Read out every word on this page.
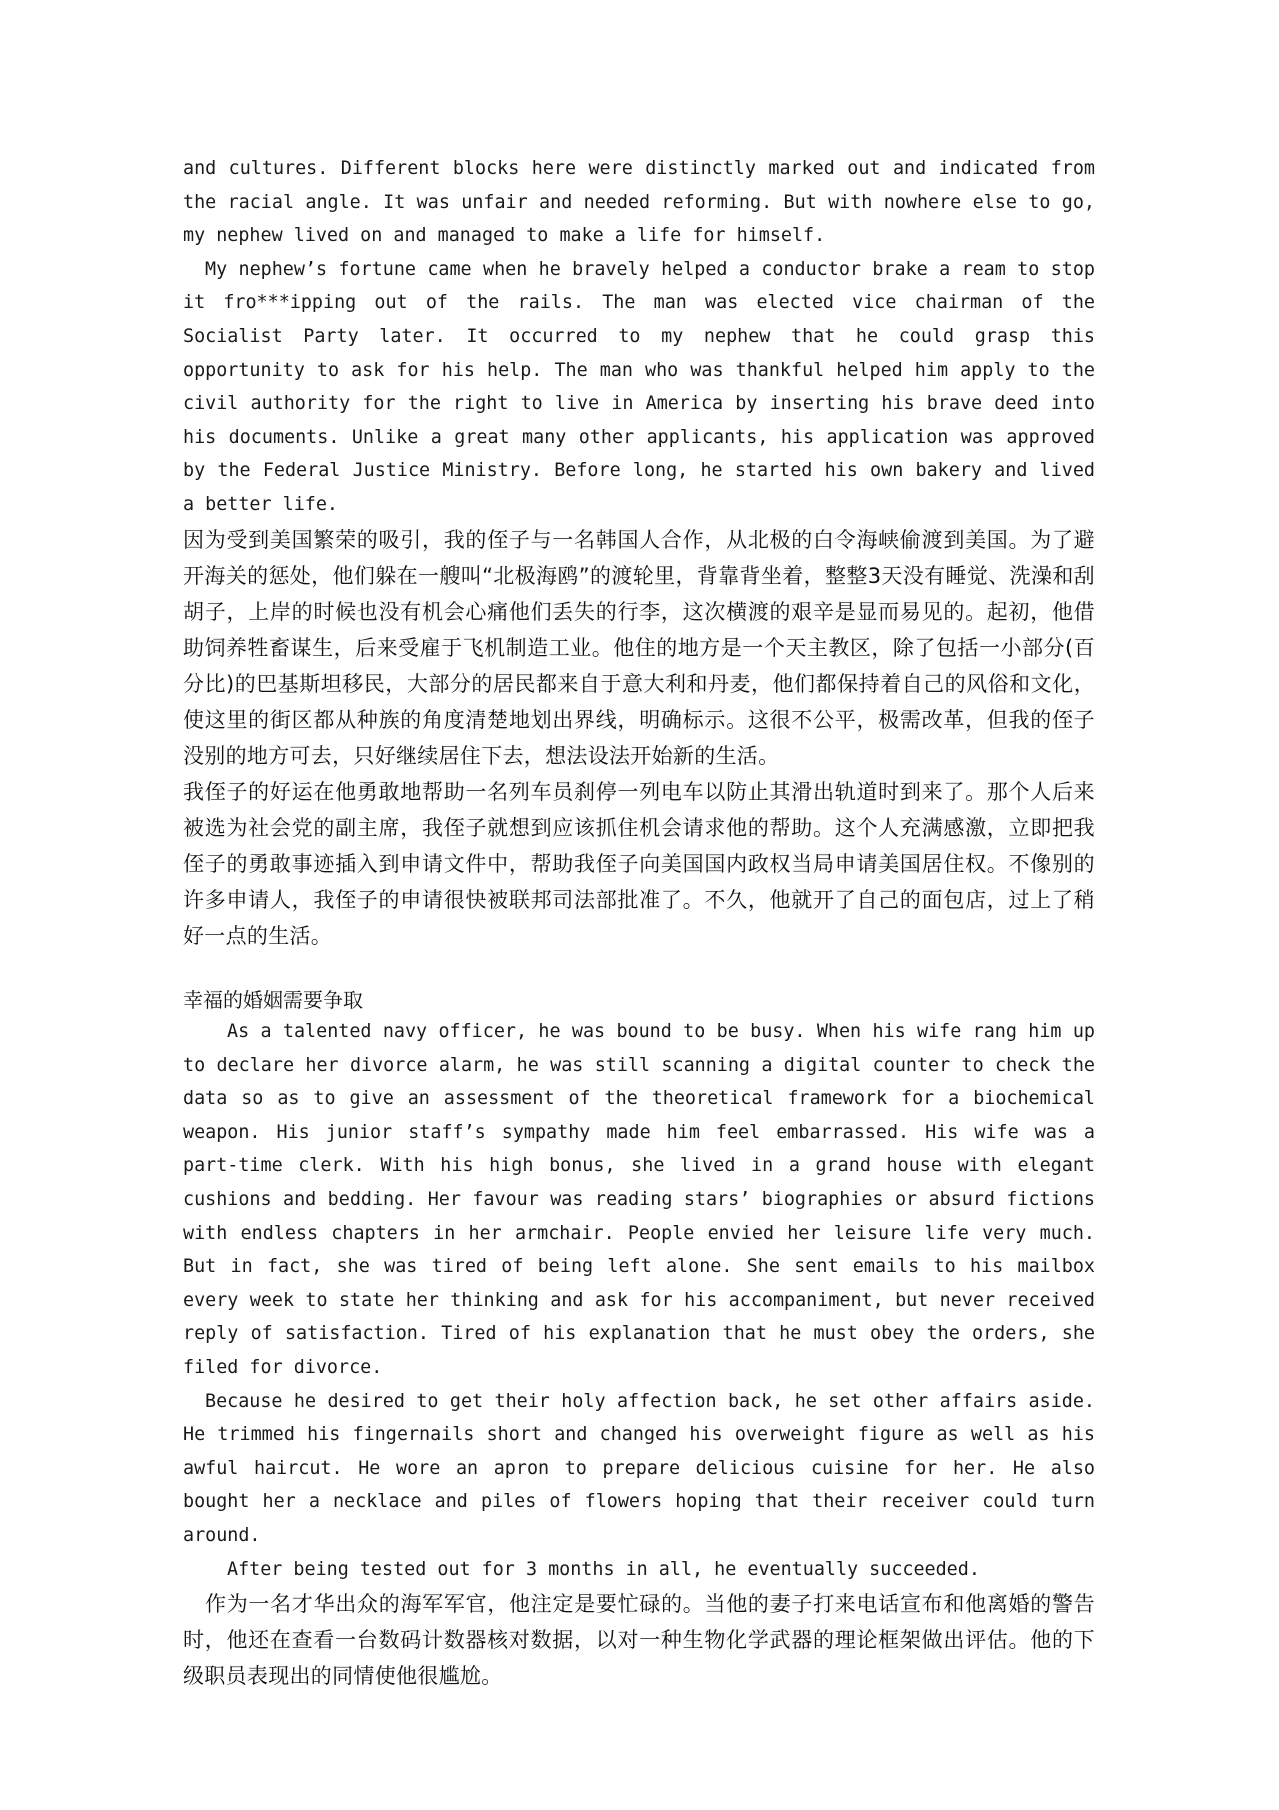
and cultures. Different blocks here were distinctly marked out and indicated from the racial angle. It was unfair and needed reforming. But with nowhere else to go, my nephew lived on and managed to make a life for himself.

My nephew’s fortune came when he bravely helped a conductor brake a ream to stop it fro***ipping out of the rails. The man was elected vice chairman of the Socialist Party later. It occurred to my nephew that he could grasp this opportunity to ask for his help. The man who was thankful helped him apply to the civil authority for the right to live in America by inserting his brave deed into his documents. Unlike a great many other applicants, his application was approved by the Federal Justice Ministry. Before long, he started his own bakery and lived a better life.

因为受到美国繁荣的吸引，我的侄子与一名韩国人合作，从北极的白令海峡偷渡到美国。为了避开海关的惩处，他们躲在一艘叫“北极海鸥”的渡轮里，背靠背坐着，整整3天没有睡觉、洗澡和刮胡子，上岸的时候也没有机会心痛他们丢失的行李，这次横渡的艰辛是显而易见的。起初，他借助饲养牲畜谋生，后来受雇于飞机制造工业。他住的地方是一个天主教区，除了包括一小部分(百分比)的巴基斯坦移民，大部分的居民都来自于意大利和丹麦，他们都保持着自己的风俗和文化，使这里的街区都从种族的角度清楚地划出界线，明确标示。这很不公平，极需改革，但我的侄子没别的地方可去，只好继续居住下去，想法设法开始新的生活。

我侄子的好运在他勇敢地帮助一名列车员刹停一列电车以防止其滑出轨道时到来了。那个人后来被选为社会党的副主席，我侄子就想到应该抓住机会请求他的帮助。这个人充满感激，立即把我侄子的勇敢事迹插入到申请文件中，帮助我侄子向美国国内政权当局申请美国居住权。不像别的许多申请人，我侄子的申请很快被联邦司法部批准了。不久，他就开了自己的面包店，过上了稍好一点的生活。

幸福的婚姻需要争取

As a talented navy officer, he was bound to be busy. When his wife rang him up to declare her divorce alarm, he was still scanning a digital counter to check the data so as to give an assessment of the theoretical framework for a biochemical weapon. His junior staff’s sympathy made him feel embarrassed. His wife was a part-time clerk. With his high bonus, she lived in a grand house with elegant cushions and bedding. Her favour was reading stars’ biographies or absurd fictions with endless chapters in her armchair. People envied her leisure life very much. But in fact, she was tired of being left alone. She sent emails to his mailbox every week to state her thinking and ask for his accompaniment, but never received reply of satisfaction. Tired of his explanation that he must obey the orders, she filed for divorce.

Because he desired to get their holy affection back, he set other affairs aside. He trimmed his fingernails short and changed his overweight figure as well as his awful haircut. He wore an apron to prepare delicious cuisine for her. He also bought her a necklace and piles of flowers hoping that their receiver could turn around.

After being tested out for 3 months in all, he eventually succeeded.

作为一名才华出众的海军军官，他注定是要忙碌的。当他的妻子打来电话宣布和他离婚的警告时，他还在查看一台数码计数器核对数据，以对一种生物化学武器的理论框架做出评估。他的下级职员表现出的同情使他很尴尬。
